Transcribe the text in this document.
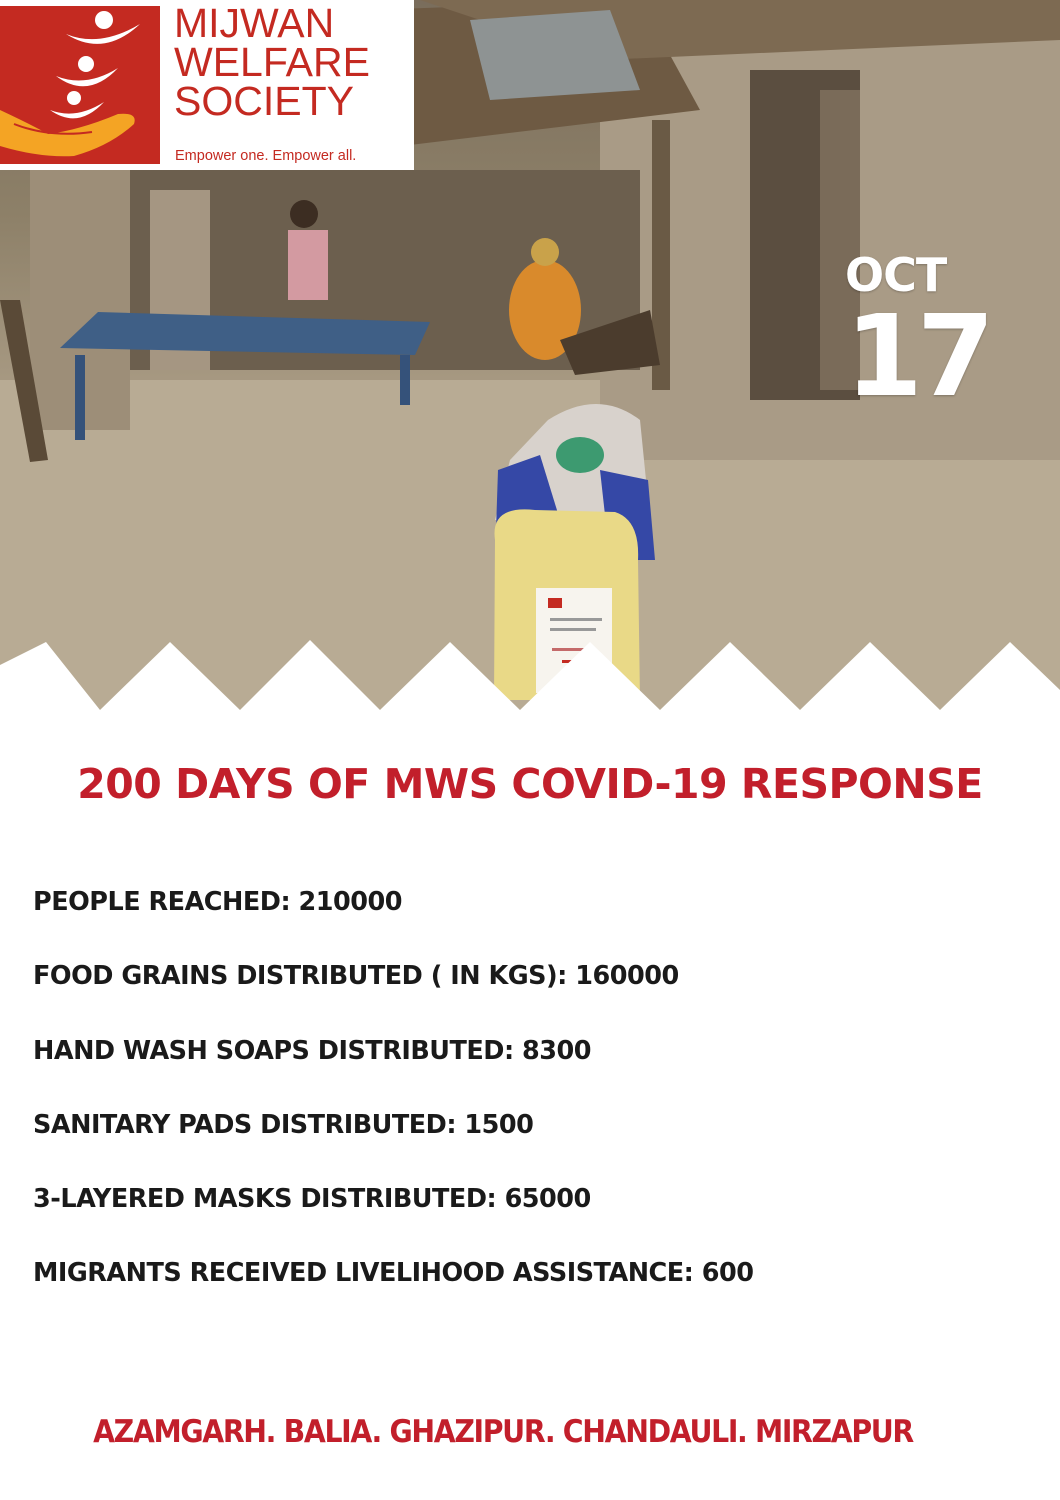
MIJWAN
WELFARE
SOCIETY
Empower one. Empower all.
OCT
17
200 DAYS OF MWS COVID-19 RESPONSE
PEOPLE REACHED: 210000
FOOD GRAINS DISTRIBUTED ( IN KGS): 160000
HAND WASH SOAPS DISTRIBUTED: 8300
SANITARY PADS DISTRIBUTED: 1500
3-LAYERED MASKS DISTRIBUTED: 65000
MIGRANTS RECEIVED LIVELIHOOD ASSISTANCE: 600
AZAMGARH. BALIA. GHAZIPUR. CHANDAULI. MIRZAPUR
